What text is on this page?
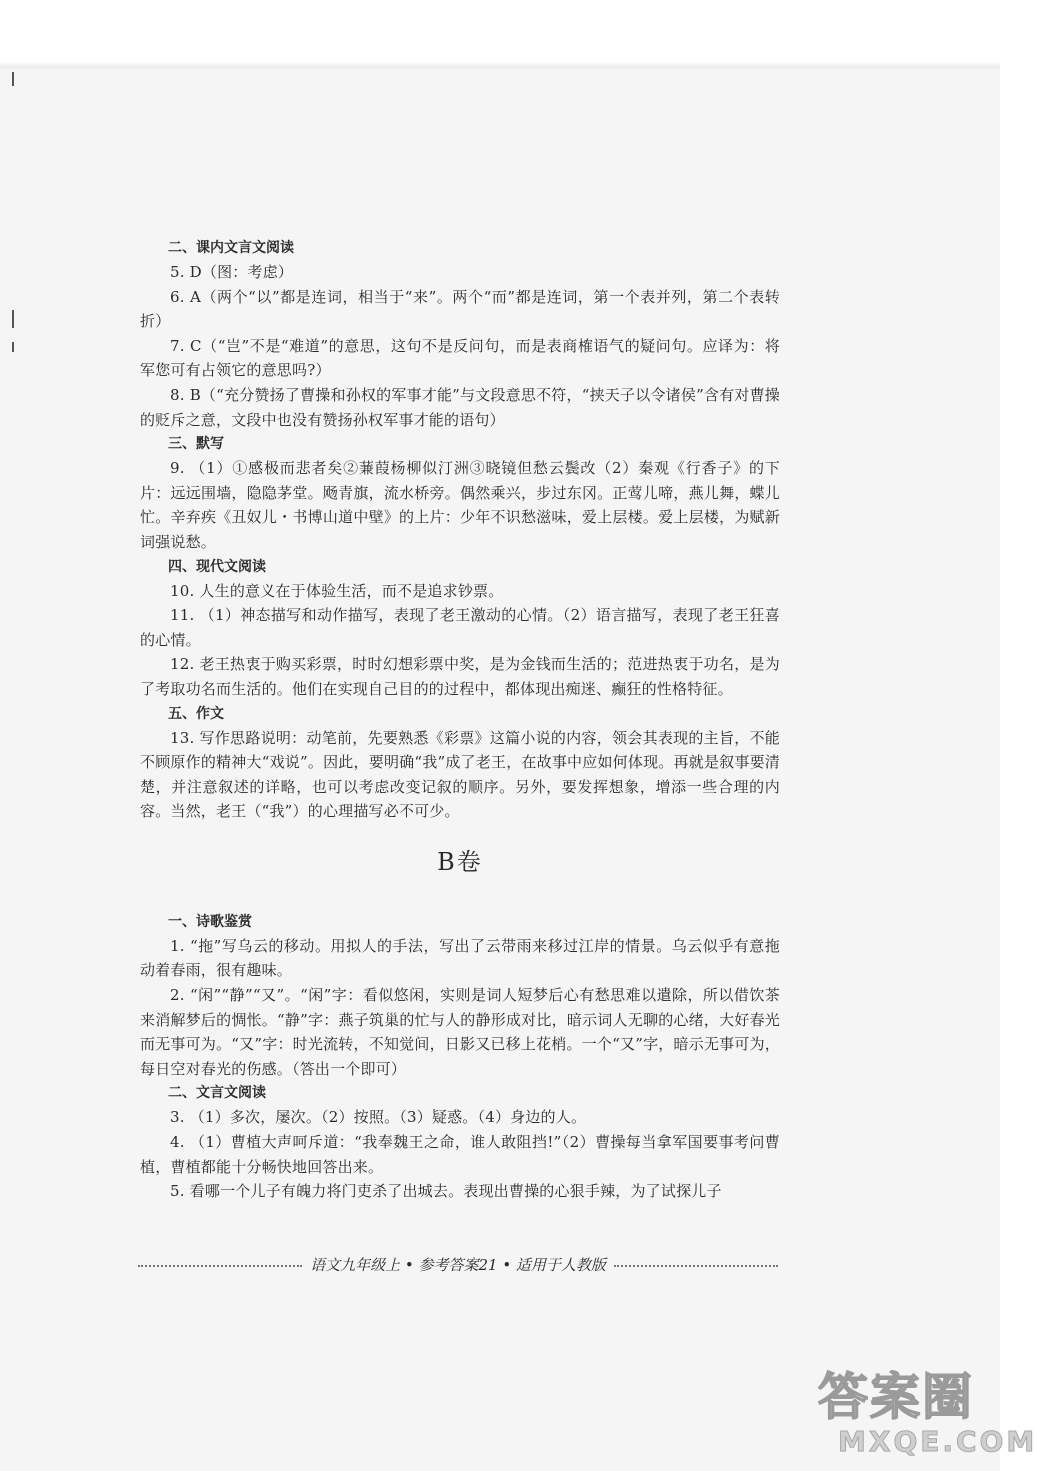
二、课内文言文阅读

5. D（图：考虑）

6. A（两个“以”都是连词，相当于“来”。两个“而”都是连词，第一个表并列，第二个表转折）

7. C（“岂”不是“难道”的意思，这句不是反问句，而是表商榷语气的疑问句。应译为：将军您可有占领它的意思吗?）

8. B（“充分赞扬了曹操和孙权的军事才能”与文段意思不符，“挟天子以令诸侯”含有对曹操的贬斥之意，文段中也没有赞扬孙权军事才能的语句）

三、默写

9. （1）①感极而悲者矣②蒹葭杨柳似汀洲③晓镜但愁云鬓改（2）秦观《行香子》的下片：远远围墙，隐隐茅堂。飏青旗，流水桥旁。偶然乘兴，步过东冈。正莺儿啼，燕儿舞，蝶儿忙。辛弃疾《丑奴儿・书博山道中壁》的上片：少年不识愁滋味，爱上层楼。爱上层楼，为赋新词强说愁。

四、现代文阅读

10. 人生的意义在于体验生活，而不是追求钞票。

11. （1）神态描写和动作描写，表现了老王激动的心情。（2）语言描写，表现了老王狂喜的心情。

12. 老王热衷于购买彩票，时时幻想彩票中奖，是为金钱而生活的；范进热衷于功名，是为了考取功名而生活的。他们在实现自己目的的过程中，都体现出痴迷、癫狂的性格特征。

五、作文

13. 写作思路说明：动笔前，先要熟悉《彩票》这篇小说的内容，领会其表现的主旨，不能不顾原作的精神大“戏说”。因此，要明确“我”成了老王，在故事中应如何体现。再就是叙事要清楚，并注意叙述的详略，也可以考虑改变记叙的顺序。另外，要发挥想象，增添一些合理的内容。当然，老王（“我”）的心理描写必不可少。

B卷
一、诗歌鉴赏

1. “拖”写乌云的移动。用拟人的手法，写出了云带雨来移过江岸的情景。乌云似乎有意拖动着春雨，很有趣味。

2. “闲”“静”“又”。“闲”字：看似悠闲，实则是词人短梦后心有愁思难以遣除，所以借饮茶来消解梦后的惆怅。“静”字：燕子筑巢的忙与人的静形成对比，暗示词人无聊的心绪，大好春光而无事可为。“又”字：时光流转，不知觉间，日影又已移上花梢。一个“又”字，暗示无事可为，每日空对春光的伤感。（答出一个即可）

二、文言文阅读

3. （1）多次，屡次。（2）按照。（3）疑惑。（4）身边的人。

4. （1）曹植大声呵斥道：“我奉魏王之命，谁人敢阻挡!”（2）曹操每当拿军国要事考问曹植，曹植都能十分畅快地回答出来。

5. 看哪一个儿子有魄力将门吏杀了出城去。表现出曹操的心狠手辣，为了试探儿子

语文九年级上 • 参考答案21 • 适用于人教版
答案圈
MXQE.COM
